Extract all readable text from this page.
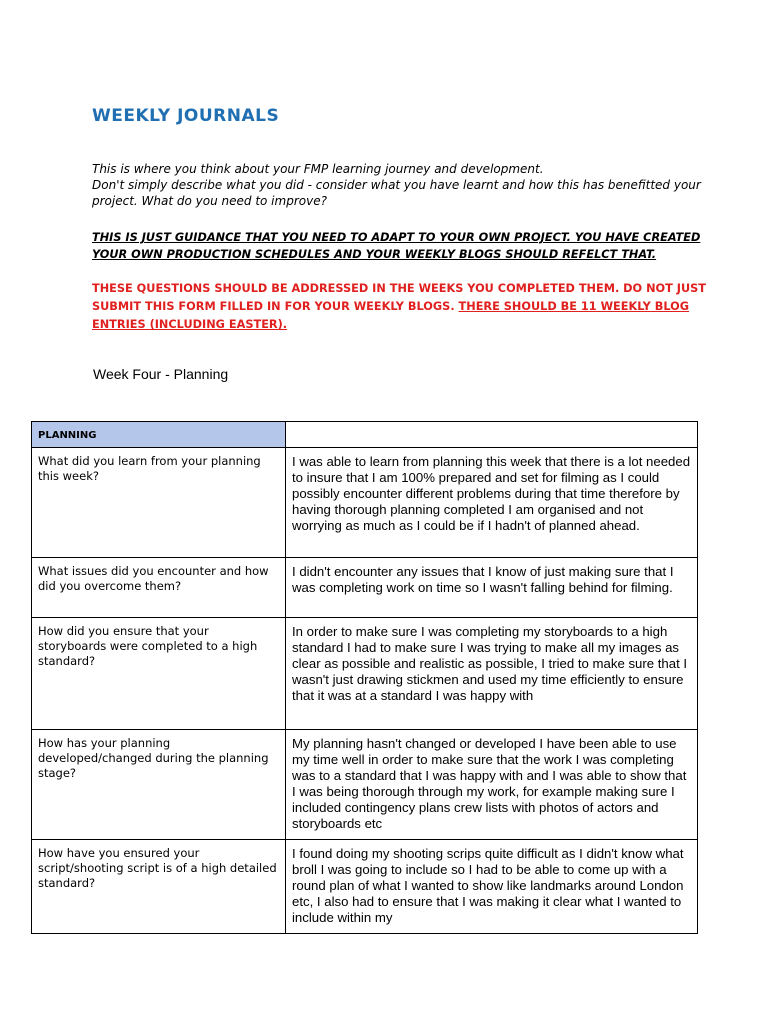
WEEKLY JOURNALS
This is where you think about your FMP learning journey and development.
Don't simply describe what you did - consider what you have learnt and how this has benefitted your project. What do you need to improve?
THIS IS JUST GUIDANCE THAT YOU NEED TO ADAPT TO YOUR OWN PROJECT. YOU HAVE CREATED YOUR OWN PRODUCTION SCHEDULES AND YOUR WEEKLY BLOGS SHOULD REFELCT THAT.
THESE QUESTIONS SHOULD BE ADDRESSED IN THE WEEKS YOU COMPLETED THEM. DO NOT JUST SUBMIT THIS FORM FILLED IN FOR YOUR WEEKLY BLOGS. THERE SHOULD BE 11 WEEKLY BLOG ENTRIES (INCLUDING EASTER).
Week Four - Planning
PLANNING	
What did you learn from your planning this week?	I was able to learn from planning this week that there is a lot needed to insure that I am 100% prepared and set for filming as I could possibly encounter different problems during that time therefore by having thorough planning completed I am organised and not worrying as much as I could be if I hadn't of planned ahead.
What issues did you encounter and how did you overcome them?	I didn't encounter any issues that I know of just making sure that I was completing work on time so I wasn't falling behind for filming.
How did you ensure that your storyboards were completed to a high standard?	In order to make sure I was completing my storyboards to a high standard I had to make sure I was trying to make all my images as clear as possible and realistic as possible, I tried to make sure that I wasn't just drawing stickmen and used my time efficiently to ensure that it was at a standard I was happy with
How has your planning developed/changed during the planning stage?	My planning hasn't changed or developed I have been able to use my time well in order to make sure that the work I was completing was to a standard that I was happy with and I was able to show that I was being thorough through my work, for example making sure I included contingency plans crew lists with photos of actors and storyboards etc
How have you ensured your script/shooting script is of a high detailed standard?	I found doing my shooting scrips quite difficult as I didn't know what broll I was going to include so I had to be able to come up with a round plan of what I wanted to show like landmarks around London etc, I also had to ensure that I was making it clear what I wanted to include within my
